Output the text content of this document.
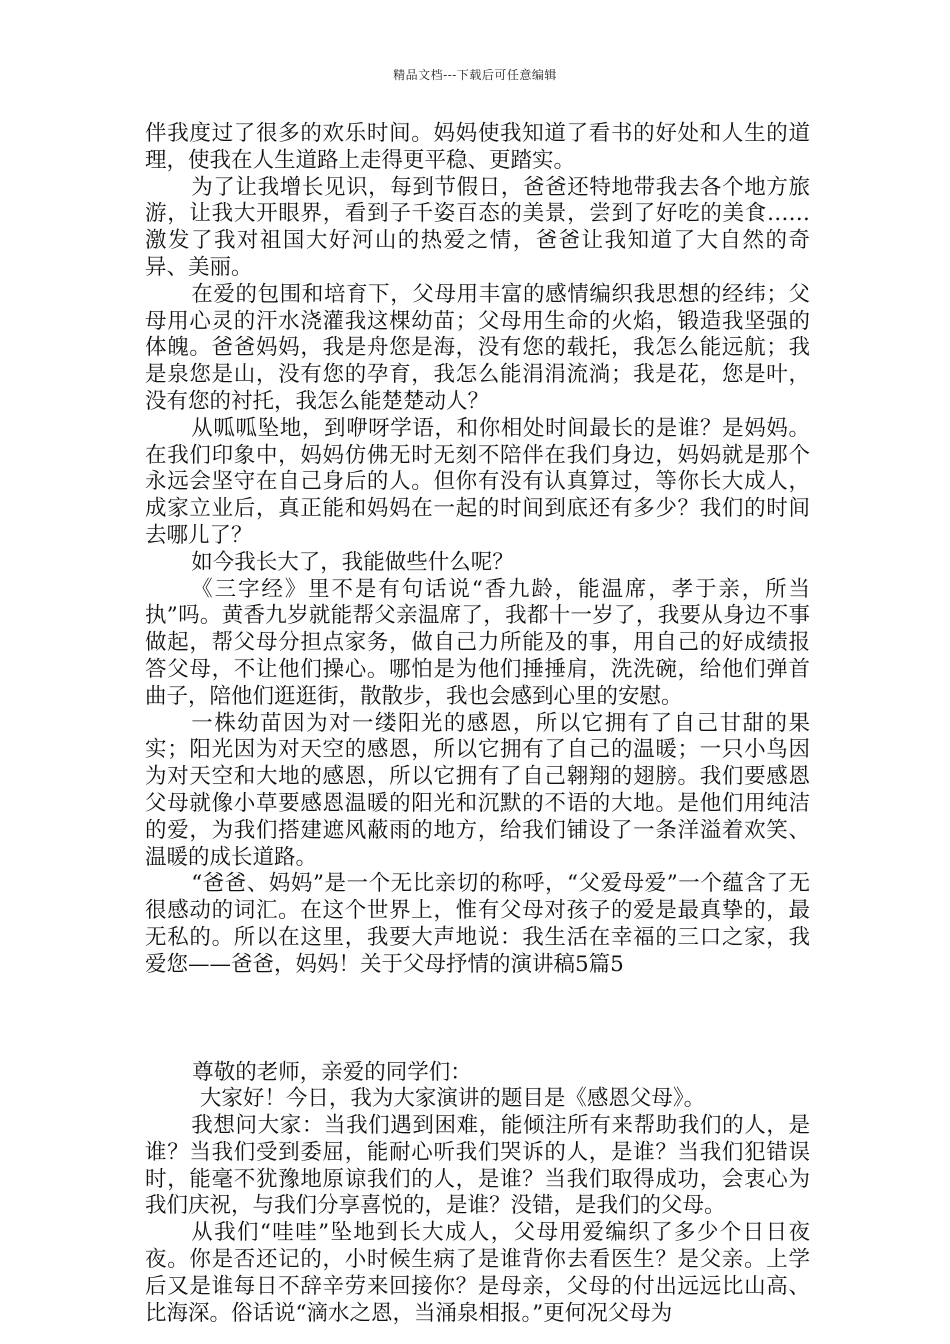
精品文档---下载后可任意编辑

伴我度过了很多的欢乐时间。妈妈使我知道了看书的好处和人生的道理，使我在人生道路上走得更平稳、更踏实。

为了让我增长见识，每到节假日，爸爸还特地带我去各个地方旅游，让我大开眼界，看到子千姿百态的美景，尝到了好吃的美食……激发了我对祖国大好河山的热爱之情，爸爸让我知道了大自然的奇异、美丽。

在爱的包围和培育下，父母用丰富的感情编织我思想的经纬；父母用心灵的汗水浇灌我这棵幼苗；父母用生命的火焰，锻造我坚强的体魄。爸爸妈妈，我是舟您是海，没有您的载托，我怎么能远航；我是泉您是山，没有您的孕育，我怎么能涓涓流淌；我是花，您是叶，没有您的衬托，我怎么能楚楚动人？

从呱呱坠地，到咿呀学语，和你相处时间最长的是谁？是妈妈。在我们印象中，妈妈仿佛无时无刻不陪伴在我们身边，妈妈就是那个永远会坚守在自己身后的人。但你有没有认真算过，等你长大成人，成家立业后，真正能和妈妈在一起的时间到底还有多少？我们的时间去哪儿了？

如今我长大了，我能做些什么呢？

《三字经》里不是有句话说“香九龄，能温席，孝于亲，所当执”吗。黄香九岁就能帮父亲温席了，我都十一岁了，我要从身边不事做起，帮父母分担点家务，做自己力所能及的事，用自己的好成绩报答父母，不让他们操心。哪怕是为他们捶捶肩，洗洗碗，给他们弹首曲子，陪他们逛逛街，散散步，我也会感到心里的安慰。

一株幼苗因为对一缕阳光的感恩，所以它拥有了自己甘甜的果实；阳光因为对天空的感恩，所以它拥有了自己的温暖；一只小鸟因为对天空和大地的感恩，所以它拥有了自己翱翔的翅膀。我们要感恩父母就像小草要感恩温暖的阳光和沉默的不语的大地。是他们用纯洁的爱，为我们搭建遮风蔽雨的地方，给我们铺设了一条洋溢着欢笑、温暖的成长道路。

“爸爸、妈妈”是一个无比亲切的称呼，“父爱母爱”一个蕴含了无很感动的词汇。在这个世界上，惟有父母对孩子的爱是最真挚的，最无私的。所以在这里，我要大声地说：我生活在幸福的三口之家，我爱您——爸爸，妈妈！关于父母抒情的演讲稿5篇5

尊敬的老师，亲爱的同学们：

大家好！今日，我为大家演讲的题目是《感恩父母》。

我想问大家：当我们遇到困难，能倾注所有来帮助我们的人，是谁？当我们受到委屈，能耐心听我们哭诉的人，是谁？当我们犯错误时，能毫不犹豫地原谅我们的人，是谁？当我们取得成功，会衷心为我们庆祝，与我们分享喜悦的，是谁？没错，是我们的父母。

从我们“哇哇”坠地到长大成人，父母用爱编织了多少个日日夜夜。你是否还记的，小时候生病了是谁背你去看医生？是父亲。上学后又是谁每日不辞辛劳来回接你？是母亲，父母的付出远远比山高、比海深。俗话说“滴水之恩，当涌泉相报。”更何况父母为
